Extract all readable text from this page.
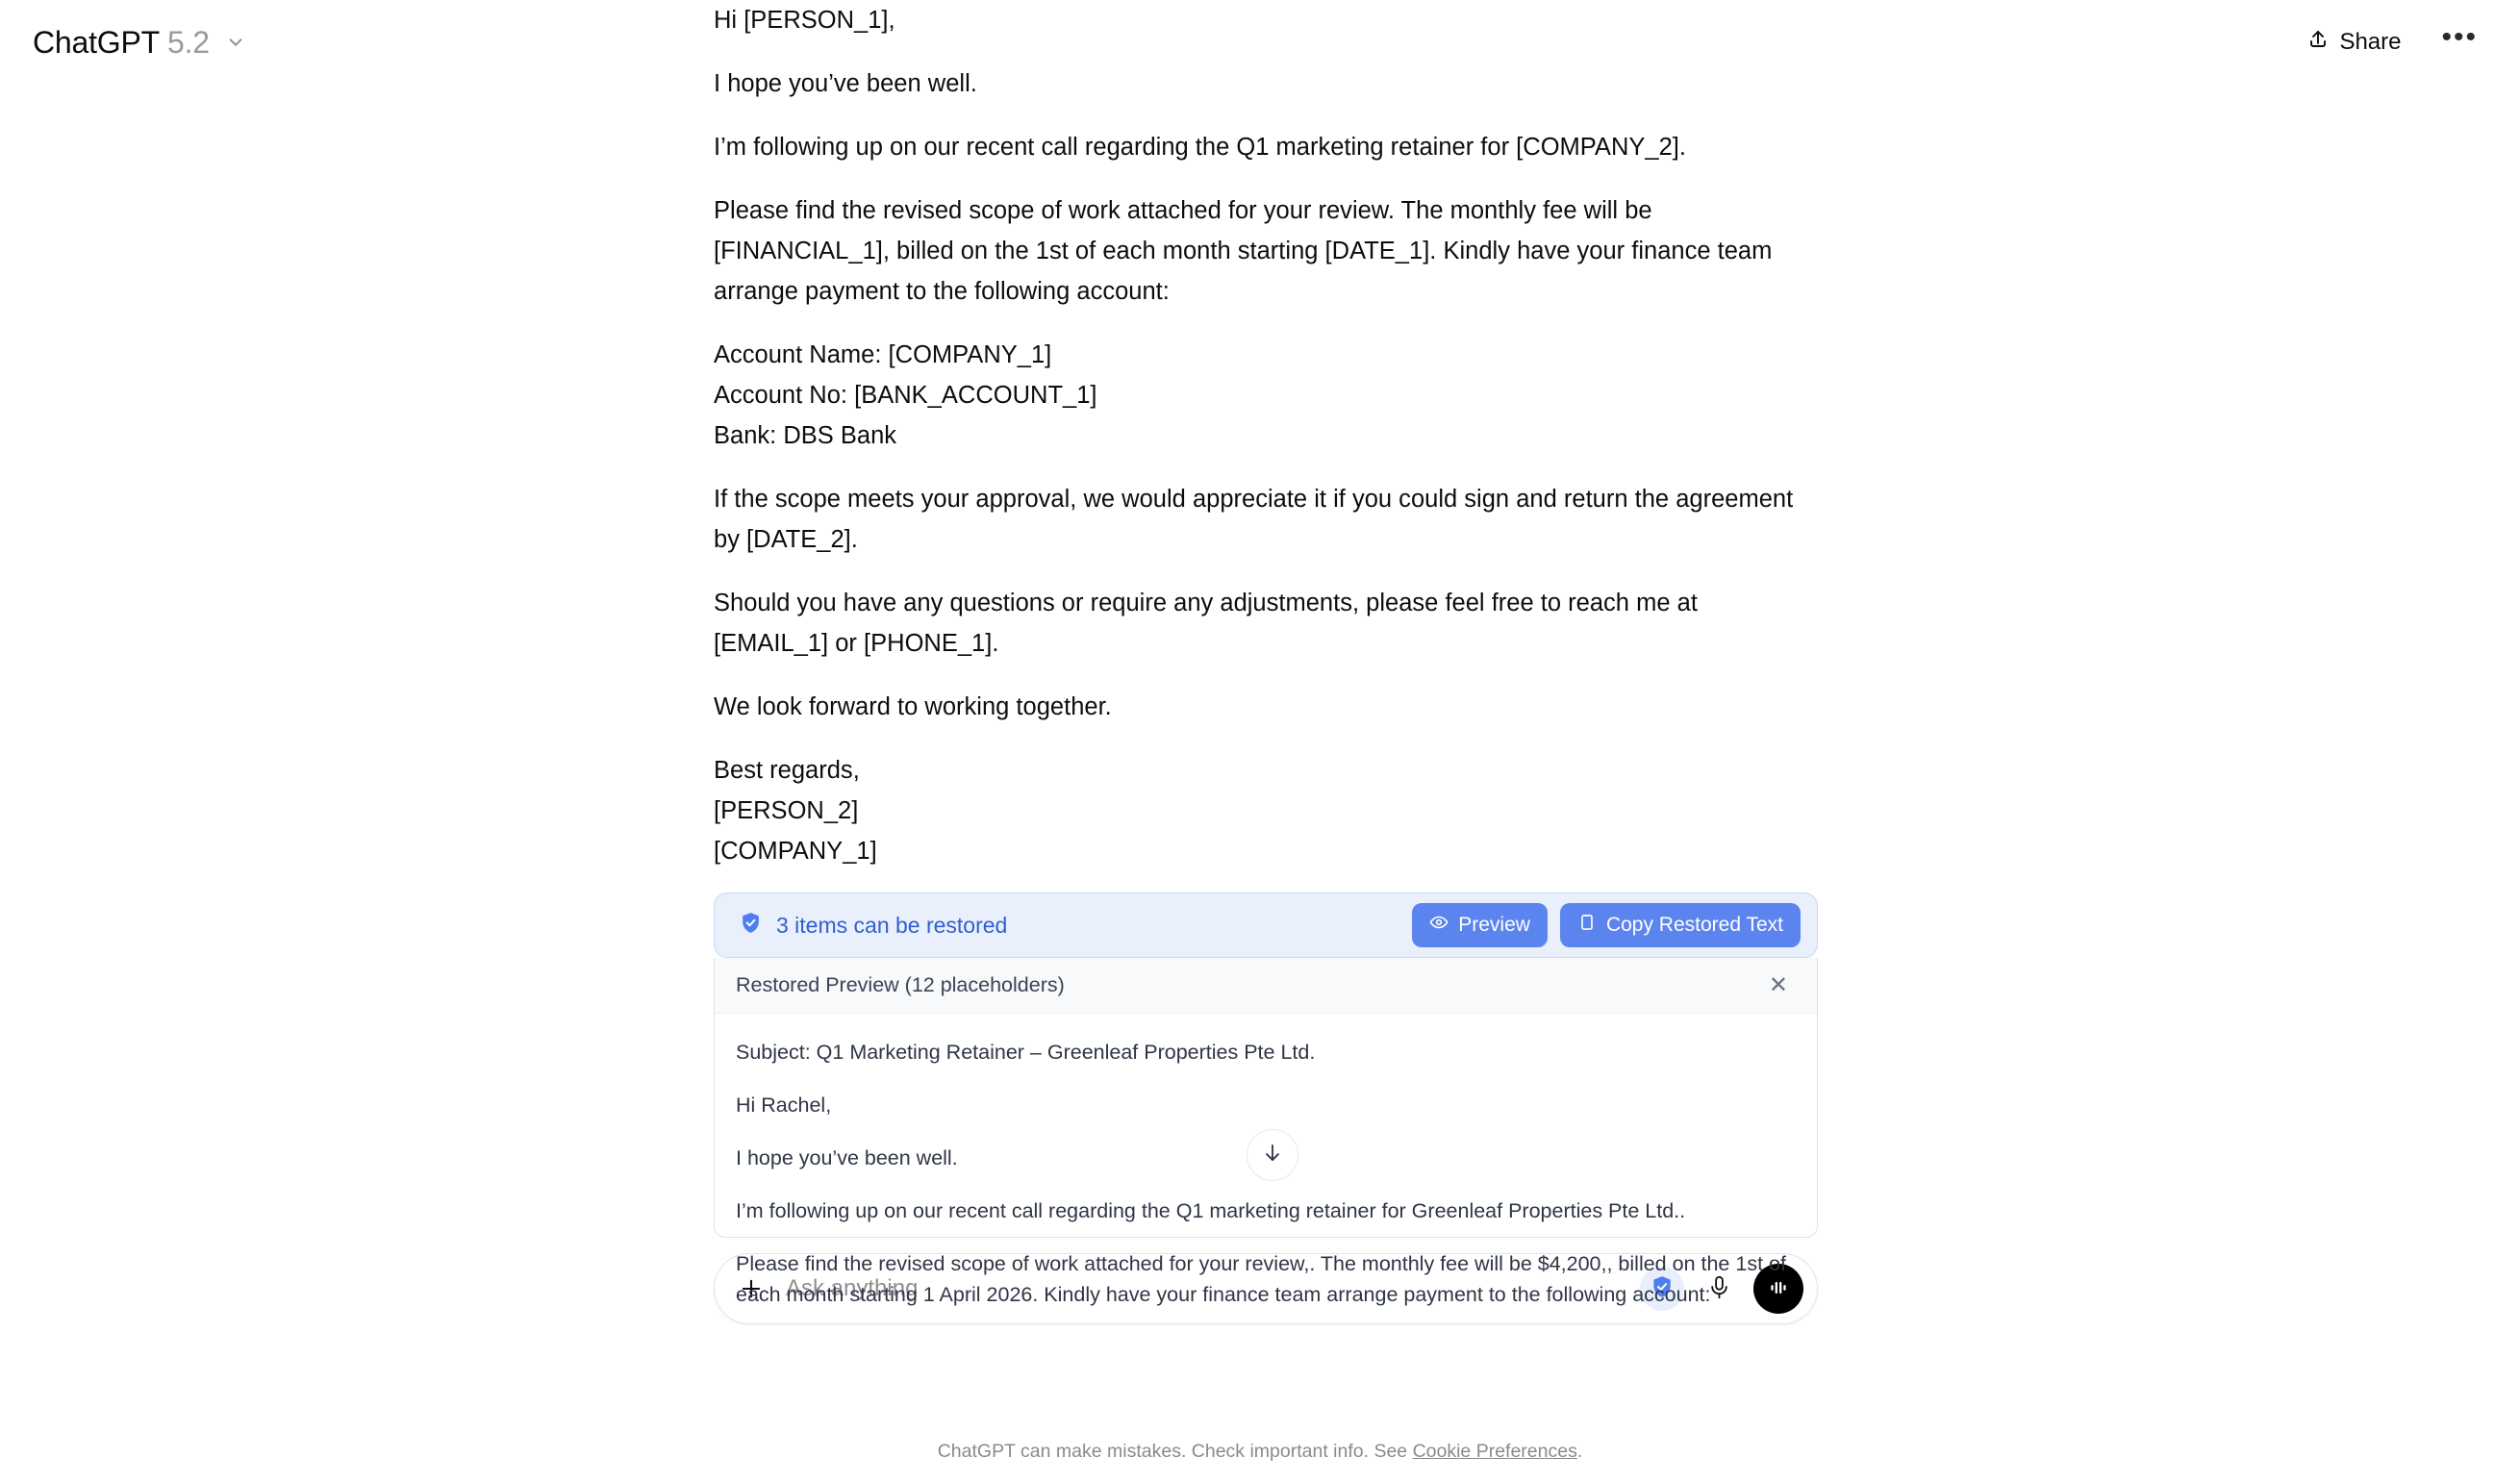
ChatGPT 5.2	Share •••

Hi [PERSON_1],

I hope you’ve been well.

I’m following up on our recent call regarding the Q1 marketing retainer for [COMPANY_2].

Please find the revised scope of work attached for your review. The monthly fee will be [FINANCIAL_1], billed on the 1st of each month starting [DATE_1]. Kindly have your finance team arrange payment to the following account:

Account Name: [COMPANY_1]

Account No: [BANK_ACCOUNT_1]

Bank: DBS Bank

If the scope meets your approval, we would appreciate it if you could sign and return the agreement by [DATE_2].

Should you have any questions or require any adjustments, please feel free to reach me at [EMAIL_1] or [PHONE_1].

We look forward to working together.

Best regards,

[PERSON_2]

[COMPANY_1]

3 items can be restored	Preview	Copy Restored Text
Restored Preview (12 placeholders)	✕

Subject: Q1 Marketing Retainer – Greenleaf Properties Pte Ltd.

Hi Rachel,

I hope you’ve been well.

I’m following up on our recent call regarding the Q1 marketing retainer for Greenleaf Properties Pte Ltd..

Please find the revised scope of work attached for your review,. The monthly fee will be $4,200,, billed on the 1st of each month starting 1 April 2026. Kindly have your finance team arrange payment to the following account:

Ask anything
ChatGPT can make mistakes. Check important info. See Cookie Preferences.
